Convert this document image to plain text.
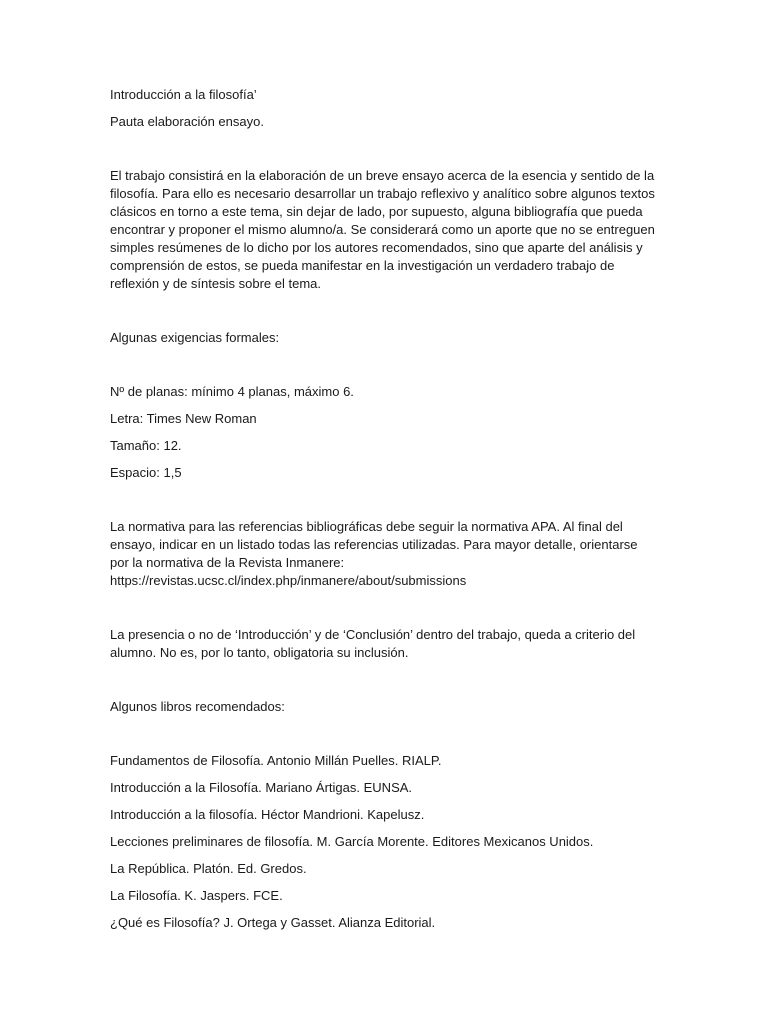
Introducción a la filosofía’

Pauta elaboración ensayo.

El trabajo consistirá en la elaboración de un breve ensayo acerca de la esencia y sentido de la filosofía. Para ello es necesario desarrollar un trabajo reflexivo y analítico sobre algunos textos clásicos en torno a este tema, sin dejar de lado, por supuesto, alguna bibliografía que pueda encontrar y proponer el mismo alumno/a. Se considerará como un aporte que no se entreguen simples resúmenes de lo dicho por los autores recomendados, sino que aparte del análisis y comprensión de estos, se pueda manifestar en la investigación un verdadero trabajo de reflexión y de síntesis sobre el tema.

Algunas exigencias formales:

Nº de planas: mínimo 4 planas, máximo 6.

Letra: Times New Roman

Tamaño: 12.

Espacio: 1,5

La normativa para las referencias bibliográficas debe seguir la normativa APA. Al final del ensayo, indicar en un listado todas las referencias utilizadas. Para mayor detalle, orientarse por la normativa de la Revista Inmanere:
https://revistas.ucsc.cl/index.php/inmanere/about/submissions

La presencia o no de ‘Introducción’ y de ‘Conclusión’ dentro del trabajo, queda a criterio del alumno. No es, por lo tanto, obligatoria su inclusión.

Algunos libros recomendados:

Fundamentos de Filosofía. Antonio Millán Puelles. RIALP.

Introducción a la Filosofía. Mariano Ártigas. EUNSA.

Introducción a la filosofía. Héctor Mandrioni. Kapelusz.

Lecciones preliminares de filosofía. M. García Morente. Editores Mexicanos Unidos.

La República. Platón. Ed. Gredos.

La Filosofía. K. Jaspers. FCE.

¿Qué es Filosofía? J. Ortega y Gasset. Alianza Editorial.
